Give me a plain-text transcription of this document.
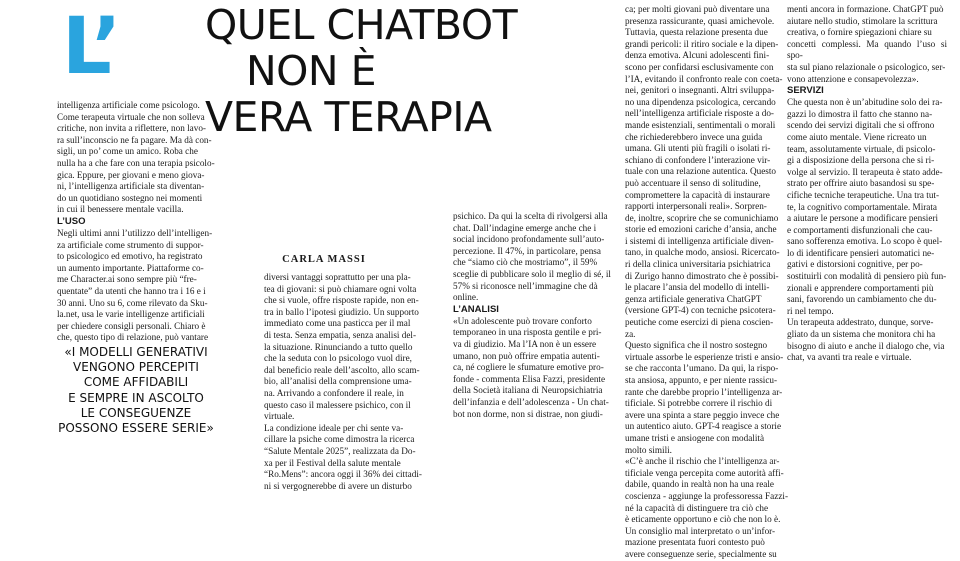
L’ QUEL CHATBOT
NON È
VERA TERAPIA
CARLA MASSI

intelligenza artificiale come psicologo.

Come terapeuta virtuale che non solleva

critiche, non invita a riflettere, non lavo-

ra sull’inconscio ne fa pagare. Ma dà con-

sigli, un po’ come un amico. Roba che

nulla ha a che fare con una terapia psicolo-

gica. Eppure, per giovani e meno giova-

ni, l’intelligenza artificiale sta diventan-

do un quotidiano sostegno nei momenti

in cui il benessere mentale vacilla.

L’USO

Negli ultimi anni l’utilizzo dell’intelligen-

za artificiale come strumento di suppor-

to psicologico ed emotivo, ha registrato

un aumento importante. Piattaforme co-

me Character.ai sono sempre più “fre-

quentate” da utenti che hanno tra i 16 e i

30 anni. Uno su 6, come rilevato da Sku-

la.net, usa le varie intelligenze artificiali

per chiedere consigli personali. Chiaro è

che, questo tipo di relazione, può vantare

«I MODELLI GENERATIVI
VENGONO PERCEPITI
COME AFFIDABILI
E SEMPRE IN ASCOLTO
LE CONSEGUENZE
POSSONO ESSERE SERIE»

diversi vantaggi soprattutto per una pla-

tea di giovani: si può chiamare ogni volta

che si vuole, offre risposte rapide, non en-

tra in ballo l’ipotesi giudizio. Un supporto

immediato come una pasticca per il mal

di testa. Senza empatia, senza analisi del-

la situazione. Rinunciando a tutto quello

che la seduta con lo psicologo vuol dire,

dal beneficio reale dell’ascolto, allo scam-

bio, all’analisi della comprensione uma-

na. Arrivando a confondere il reale, in

questo caso il malessere psichico, con il

virtuale.

La condizione ideale per chi sente va-

cillare la psiche come dimostra la ricerca

“Salute Mentale 2025”, realizzata da Do-

xa per il Festival della salute mentale

“Ro.Mens”: ancora oggi il 36% dei cittadi-

ni si vergognerebbe di avere un disturbo

psichico. Da qui la scelta di rivolgersi alla

chat. Dall’indagine emerge anche che i

social incidono profondamente sull’auto-

percezione. Il 47%, in particolare, pensa

che “siamo ciò che mostriamo”, il 59%

sceglie di pubblicare solo il meglio di sé, il

57% si riconosce nell’immagine che dà

online.

L’ANALISI

«Un adolescente può trovare conforto

temporaneo in una risposta gentile e pri-

va di giudizio. Ma l’IA non è un essere

umano, non può offrire empatia autenti-

ca, né cogliere le sfumature emotive pro-

fonde - commenta Elisa Fazzi, presidente

della Società italiana di Neuropsichiatria

dell’infanzia e dell’adolescenza - Un chat-

bot non dorme, non si distrae, non giudi-

ca; per molti giovani può diventare una

presenza rassicurante, quasi amichevole.

Tuttavia, questa relazione presenta due

grandi pericoli: il ritiro sociale e la dipen-

denza emotiva. Alcuni adolescenti fini-

scono per confidarsi esclusivamente con

l’IA, evitando il confronto reale con coeta-

nei, genitori o insegnanti. Altri sviluppa-

no una dipendenza psicologica, cercando

nell’intelligenza artificiale risposte a do-

mande esistenziali, sentimentali o morali

che richiederebbero invece una guida

umana. Gli utenti più fragili o isolati ri-

schiano di confondere l’interazione vir-

tuale con una relazione autentica. Questo

può accentuare il senso di solitudine,

compromettere la capacità di instaurare

rapporti interpersonali reali». Sorpren-

de, inoltre, scoprire che se comunichiamo

storie ed emozioni cariche d’ansia, anche

i sistemi di intelligenza artificiale diven-

tano, in qualche modo, ansiosi. Ricercato-

ri della clinica universitaria psichiatrica

di Zurigo hanno dimostrato che è possibi-

le placare l’ansia del modello di intelli-

genza artificiale generativa ChatGPT

(versione GPT-4) con tecniche psicotera-

peutiche come esercizi di piena coscien-

za.

Questo significa che il nostro sostegno

virtuale assorbe le esperienze tristi e ansio-

se che racconta l’umano. Da qui, la rispo-

sta ansiosa, appunto, e per niente rassicu-

rante che darebbe proprio l’intelligenza ar-

tificiale. Si potrebbe correre il rischio di

avere una spinta a stare peggio invece che

un autentico aiuto. GPT-4 reagisce a storie

umane tristi e ansiogene con modalità

molto simili.

«C’è anche il rischio che l’intelligenza ar-

tificiale venga percepita come autorità affi-

dabile, quando in realtà non ha una reale

coscienza - aggiunge la professoressa Fazzi-

né la capacità di distinguere tra ciò che

è eticamente opportuno e ciò che non lo è.

Un consiglio mal interpretato o un’infor-

mazione presentata fuori contesto può

avere conseguenze serie, specialmente su

menti ancora in formazione. ChatGPT può

aiutare nello studio, stimolare la scrittura

creativa, o fornire spiegazioni chiare su

concetti complessi. Ma quando l’uso si spo-

sta sul piano relazionale o psicologico, ser-

vono attenzione e consapevolezza».

SERVIZI

Che questa non è un’abitudine solo dei ra-

gazzi lo dimostra il fatto che stanno na-

scendo dei servizi digitali che si offrono

come aiuto mentale. Viene ricreato un

team, assolutamente virtuale, di psicolo-

gi a disposizione della persona che si ri-

volge al servizio. Il terapeuta è stato adde-

strato per offrire aiuto basandosi su spe-

cifiche tecniche terapeutiche. Una tra tut-

te, la cognitivo comportamentale. Mirata

a aiutare le persone a modificare pensieri

e comportamenti disfunzionali che cau-

sano sofferenza emotiva. Lo scopo è quel-

lo di identificare pensieri automatici ne-

gativi e distorsioni cognitive, per po-

sostituirli con modalità di pensiero più fun-

zionali e apprendere comportamenti più

sani, favorendo un cambiamento che du-

ri nel tempo.

Un terapeuta addestrato, dunque, sorve-

gliato da un sistema che monitora chi ha

bisogno di aiuto e anche il dialogo che, via

chat, va avanti tra reale e virtuale.
